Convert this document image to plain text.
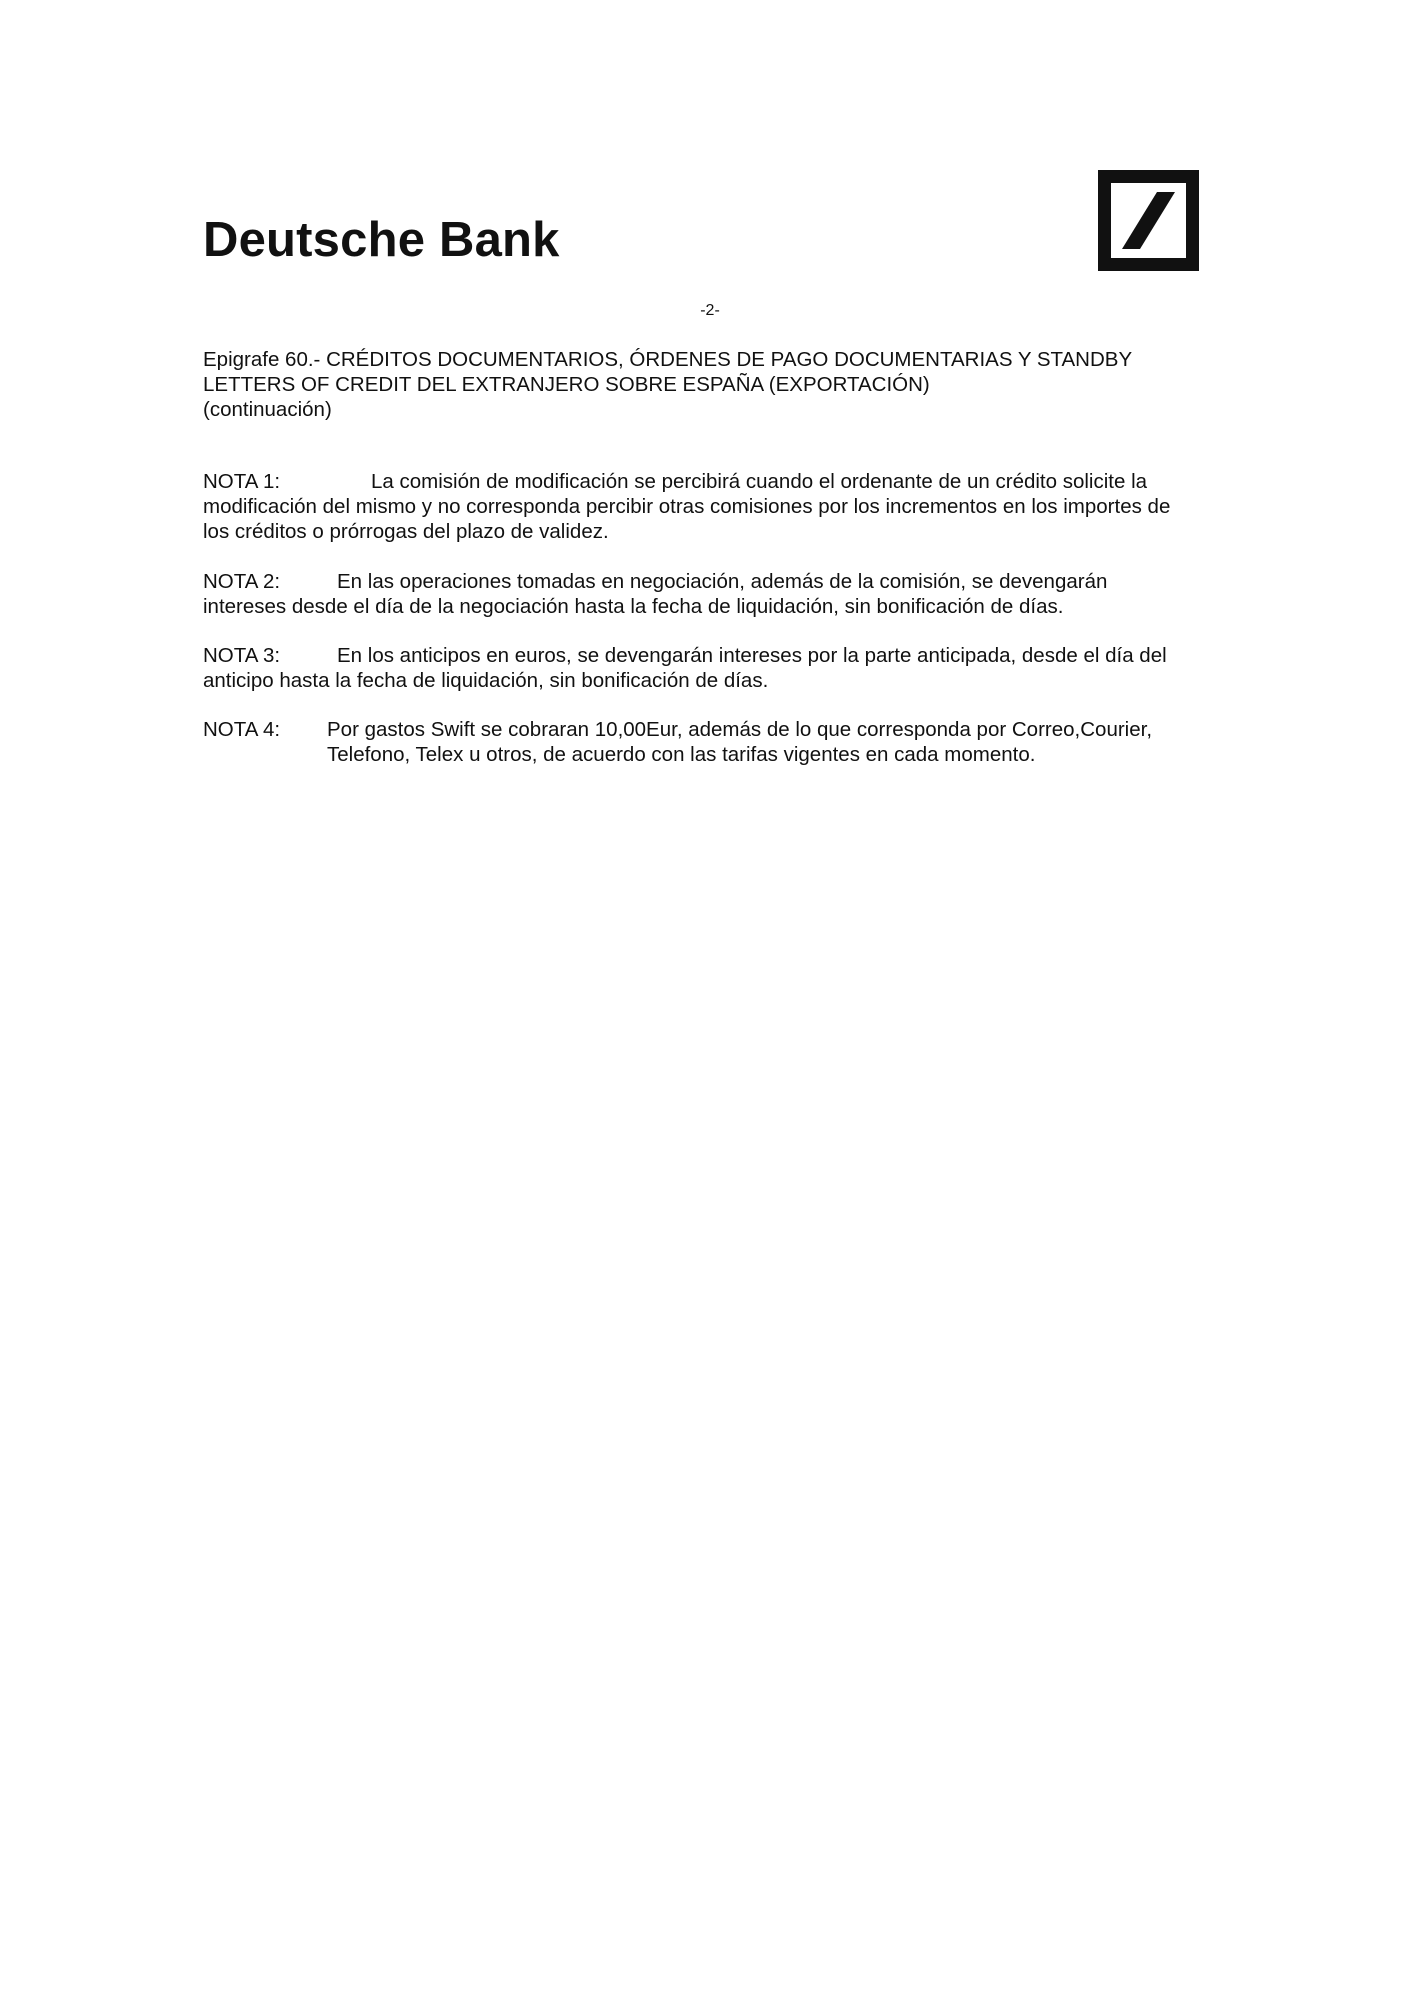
Deutsche Bank
-2-

Epigrafe 60.- CRÉDITOS DOCUMENTARIOS, ÓRDENES DE PAGO DOCUMENTARIAS Y STANDBY
LETTERS OF CREDIT DEL EXTRANJERO SOBRE ESPAÑA (EXPORTACIÓN)
(continuación)

NOTA 1:	La comisión de modificación se percibirá cuando el ordenante de un crédito solicite la
modificación del mismo y no corresponda percibir otras comisiones por los incrementos en los importes de
los créditos o prórrogas del plazo de validez.

NOTA 2:	En las operaciones tomadas en negociación, además de la comisión, se devengarán
intereses desde el día de la negociación hasta la fecha de liquidación, sin bonificación de días.

NOTA 3:	En los anticipos en euros, se devengarán intereses por la parte anticipada, desde el día del
anticipo hasta la fecha de liquidación, sin bonificación de días.

NOTA 4: Por gastos Swift se cobraran 10,00Eur, además de lo que corresponda por Correo,Courier,
Telefono, Telex u otros, de acuerdo con las tarifas vigentes en cada momento.
